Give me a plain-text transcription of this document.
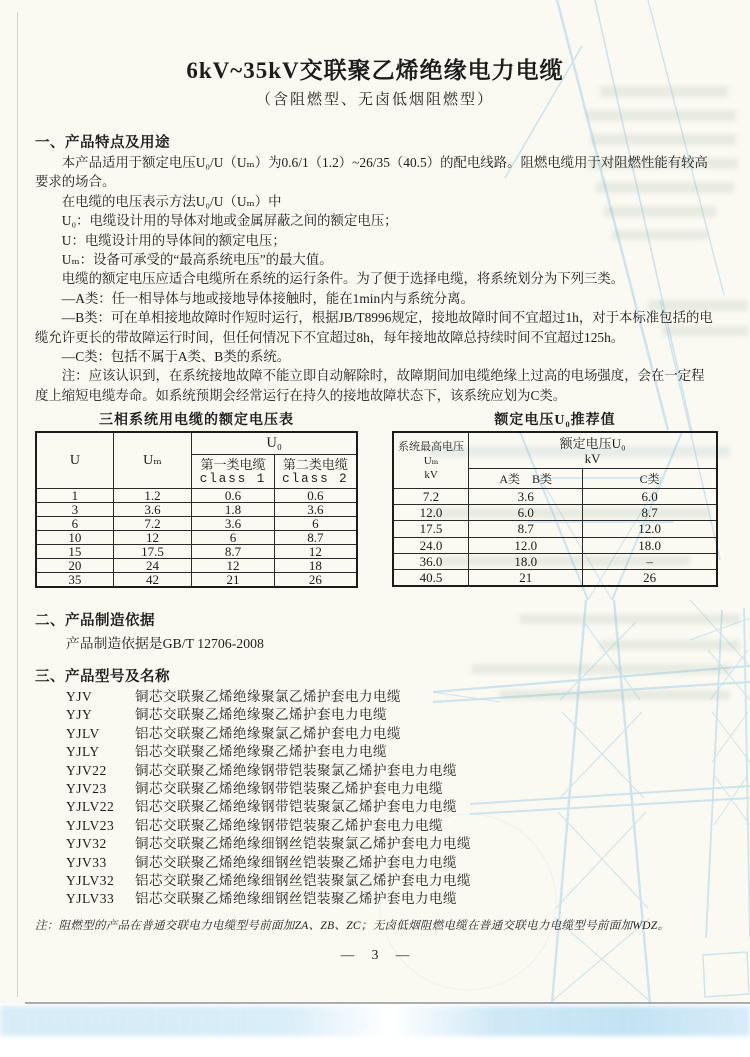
6kV~35kV交联聚乙烯绝缘电力电缆
（含阻燃型、无卤低烟阻燃型）
一、产品特点及用途

本产品适用于额定电压U₀/U（Uₘ）为0.6/1（1.2）~26/35（40.5）的配电线路。阻燃电缆用于对阻燃性能有较高要求的场合。

在电缆的电压表示方法U₀/U（Uₘ）中

U₀：电缆设计用的导体对地或金属屏蔽之间的额定电压；

U：电缆设计用的导体间的额定电压；

Uₘ：设备可承受的“最高系统电压”的最大值。

电缆的额定电压应适合电缆所在系统的运行条件。为了便于选择电缆，将系统划分为下列三类。

—A类：任一相导体与地或接地导体接触时，能在1min内与系统分离。

—B类：可在单相接地故障时作短时运行，根据JB/T8996规定，接地故障时间不宜超过1h，对于本标准包括的电缆允许更长的带故障运行时间，但任何情况下不宜超过8h，每年接地故障总持续时间不宜超过125h。

—C类：包括不属于A类、B类的系统。

注：应该认识到，在系统接地故障不能立即自动解除时，故障期间加电缆绝缘上过高的电场强度，会在一定程度上缩短电缆寿命。如系统预期会经常运行在持久的接地故障状态下，该系统应划为C类。

三相系统用电缆的额定电压表
U	Uₘ	U₀	
		第一类电缆
class 1	第二类电缆
class 2

1	1.2	0.6	0.6
3	3.6	1.8	3.6
6	7.2	3.6	6
10	12	6	8.7
15	17.5	8.7	12
20	24	12	18
35	42	21	26
额定电压U₀推荐值
系统最高电压Uₘ
kV	额定电压U₀
kV	

	A类　B类	C类
7.2	3.6	6.0
12.0	6.0	8.7
17.5	8.7	12.0
24.0	12.0	18.0
36.0	18.0	–
40.5	21	26
二、产品制造依据
产品制造依据是GB/T 12706-2008
三、产品型号及名称
YJV	铜芯交联聚乙烯绝缘聚氯乙烯护套电力电缆
YJY	铜芯交联聚乙烯绝缘聚乙烯护套电力电缆
YJLV	铝芯交联聚乙烯绝缘聚氯乙烯护套电力电缆
YJLY	铝芯交联聚乙烯绝缘聚乙烯护套电力电缆
YJV22 铜芯交联聚乙烯绝缘钢带铠装聚氯乙烯护套电力电缆
YJV23 铜芯交联聚乙烯绝缘钢带铠装聚乙烯护套电力电缆
YJLV22 铝芯交联聚乙烯绝缘钢带铠装聚氯乙烯护套电力电缆
YJLV23 铝芯交联聚乙烯绝缘钢带铠装聚乙烯护套电力电缆
YJV32 铜芯交联聚乙烯绝缘细钢丝铠装聚氯乙烯护套电力电缆
YJV33 铜芯交联聚乙烯绝缘细钢丝铠装聚乙烯护套电力电缆
YJLV32 铝芯交联聚乙烯绝缘细钢丝铠装聚氯乙烯护套电力电缆
YJLV33 铝芯交联聚乙烯绝缘细钢丝铠装聚乙烯护套电力电缆
注：阻燃型的产品在普通交联电力电缆型号前面加ZA、ZB、ZC；无卤低烟阻燃电缆在普通交联电力电缆型号前面加WDZ。
— 3 —
